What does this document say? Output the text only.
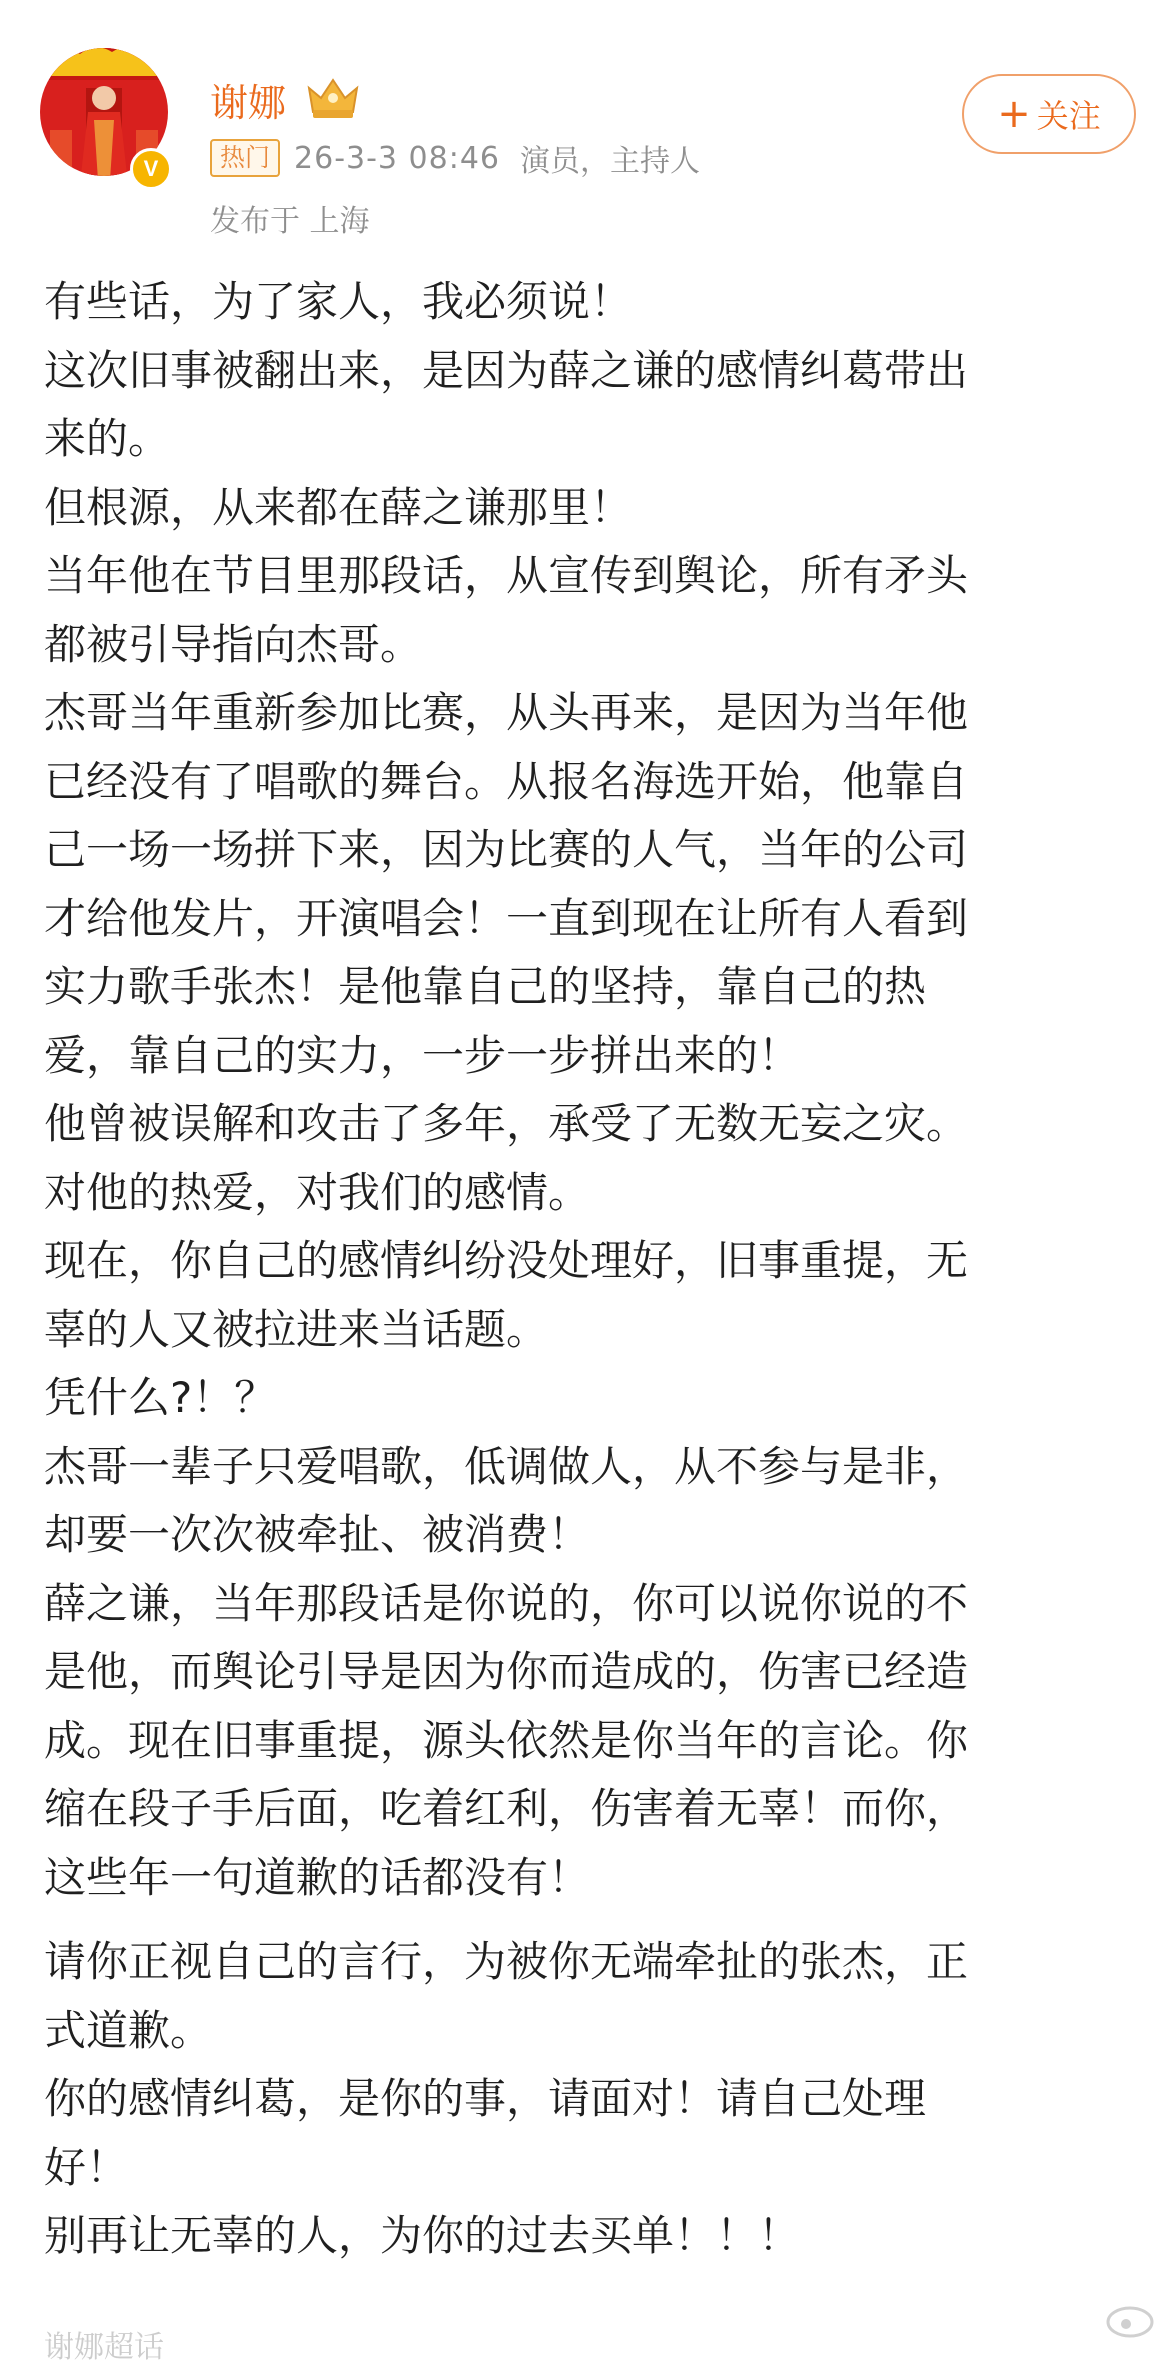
V
谢娜
热门 26-3-3 08:46 演员，主持人
发布于 上海
+ 关注

有些话，为了家人，我必须说！

这次旧事被翻出来，是因为薛之谦的感情纠葛带出
来的。

但根源，从来都在薛之谦那里！

当年他在节目里那段话，从宣传到舆论，所有矛头
都被引导指向杰哥。

杰哥当年重新参加比赛，从头再来，是因为当年他
已经没有了唱歌的舞台。从报名海选开始，他靠自
己一场一场拼下来，因为比赛的人气，当年的公司
才给他发片，开演唱会！一直到现在让所有人看到
实力歌手张杰！是他靠自己的坚持，靠自己的热
爱，靠自己的实力，一步一步拼出来的！

他曾被误解和攻击了多年，承受了无数无妄之灾。

对他的热爱，对我们的感情。

现在，你自己的感情纠纷没处理好，旧事重提，无
辜的人又被拉进来当话题。

凭什么?！？

杰哥一辈子只爱唱歌，低调做人，从不参与是非，
却要一次次被牵扯、被消费！

薛之谦，当年那段话是你说的，你可以说你说的不
是他，而舆论引导是因为你而造成的，伤害已经造
成。现在旧事重提，源头依然是你当年的言论。你
缩在段子手后面，吃着红利，伤害着无辜！而你，
这些年一句道歉的话都没有！

请你正视自己的言行，为被你无端牵扯的张杰，正
式道歉。

你的感情纠葛，是你的事，请面对！请自己处理
好！

别再让无辜的人，为你的过去买单！！！

谢娜超话
